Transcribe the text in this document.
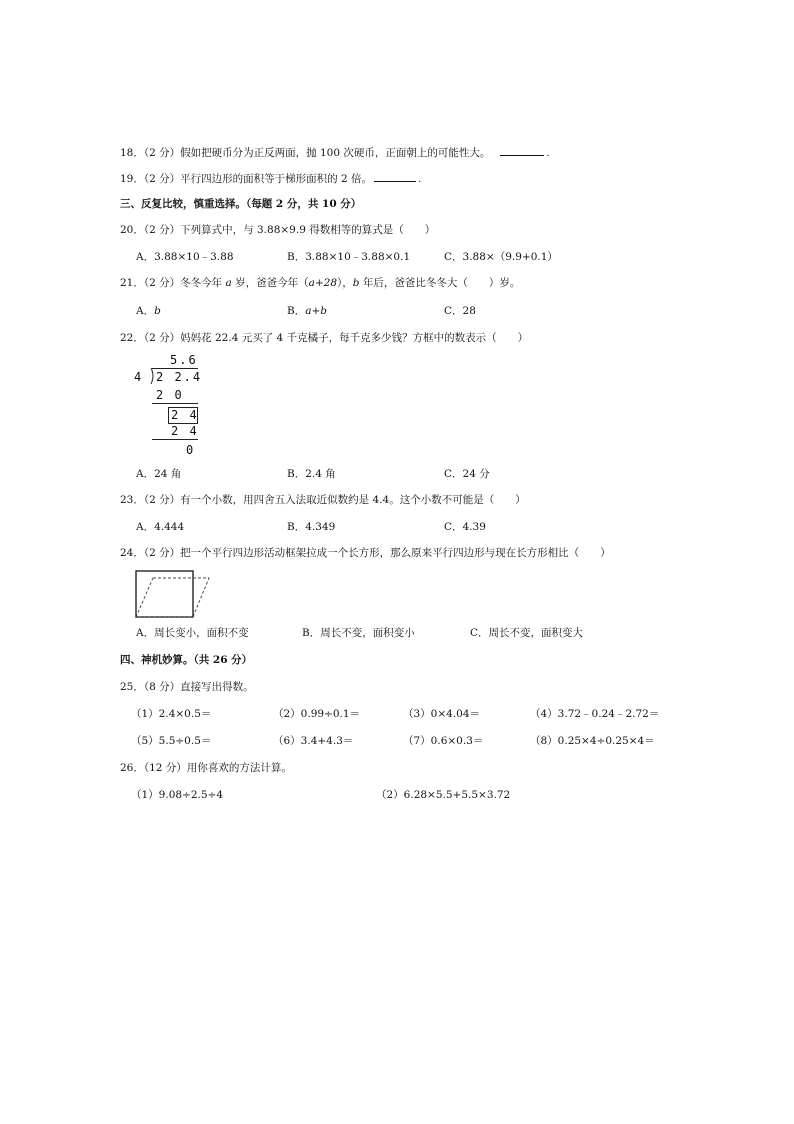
18．（2 分）假如把硬币分为正反两面，抛 100 次硬币，正面朝上的可能性大。	.
19．（2 分）平行四边形的面积等于梯形面积的 2 倍。	.
三、反复比较，慎重选择。（每题 2 分，共 10 分）
20．（2 分）下列算式中，与 3.88×9.9 得数相等的算式是（　　）
A．3.88×10﹣3.88	B．3.88×10﹣3.88×0.1	C．3.88×（9.9+0.1）
21．（2 分）冬冬今年 a 岁，爸爸今年（a+28），b 年后，爸爸比冬冬大（　　）岁。
A．b	B．a+b	C．28
22．（2 分）妈妈花 22.4 元买了 4 千克橘子，每千克多少钱？方框中的数表示（　　）
5.6
4 2 2.4
2 0
2 4
2 4
0
A．24 角	B．2.4 角	C．24 分
23．（2 分）有一个小数，用四舍五入法取近似数约是 4.4。这个小数不可能是（　　）
A．4.444	B．4.349	C．4.39
24．（2 分）把一个平行四边形活动框架拉成一个长方形，那么原来平行四边形与现在长方形相比（　　）
A．周长变小，面积不变	B．周长不变，面积变小	C．周长不变，面积变大
四、神机妙算。（共 26 分）
25．（8 分）直接写出得数。
（1）2.4×0.5＝	（2）0.99÷0.1＝	（3）0×4.04＝	（4）3.72﹣0.24﹣2.72＝
（5）5.5÷0.5＝	（6）3.4+4.3＝	（7）0.6×0.3＝	（8）0.25×4÷0.25×4＝
26．（12 分）用你喜欢的方法计算。
（1）9.08÷2.5÷4	（2）6.28×5.5+5.5×3.72
